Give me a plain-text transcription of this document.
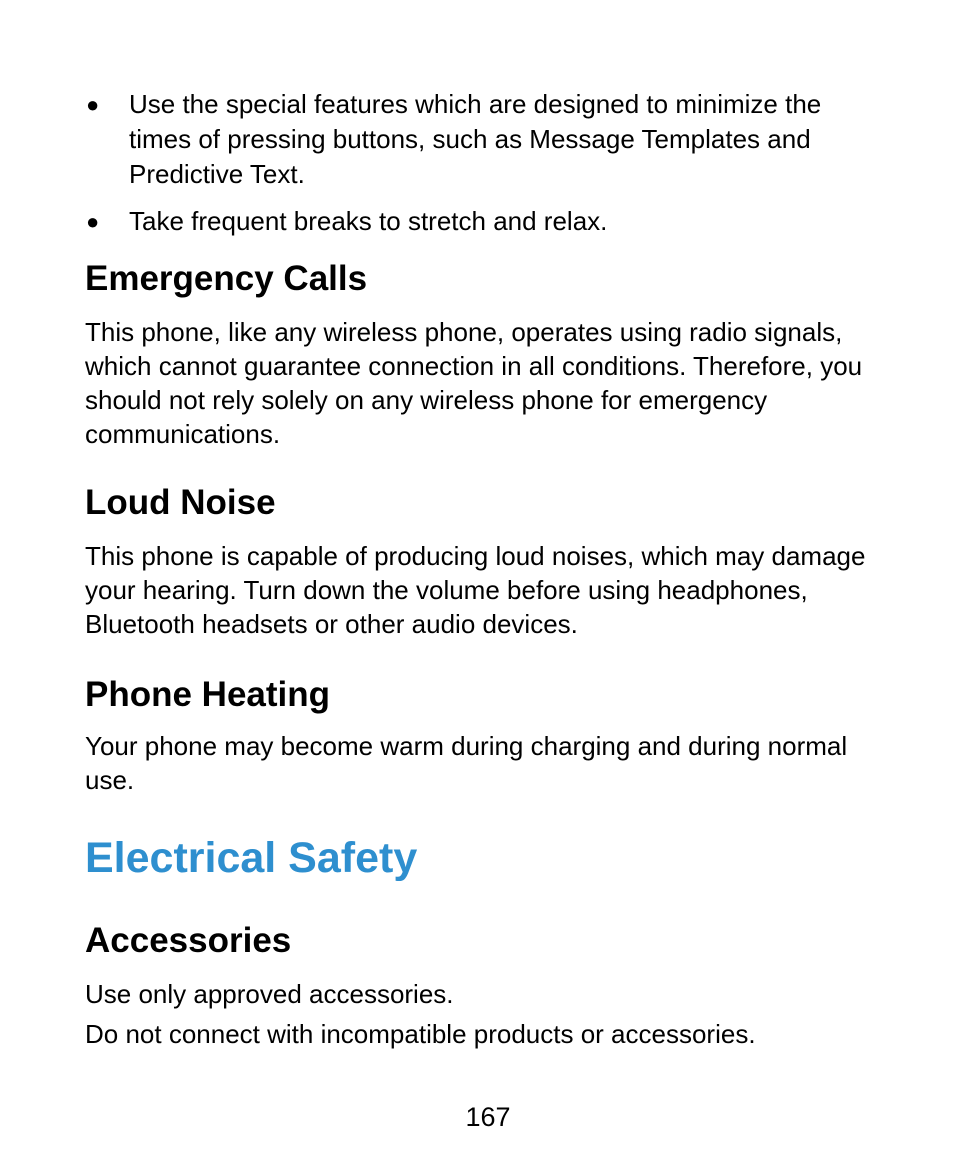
● Use the special features which are designed to minimize the times of pressing buttons, such as Message Templates and Predictive Text.
● Take frequent breaks to stretch and relax.
Emergency Calls

This phone, like any wireless phone, operates using radio signals, which cannot guarantee connection in all conditions. Therefore, you should not rely solely on any wireless phone for emergency communications.

Loud Noise

This phone is capable of producing loud noises, which may damage your hearing. Turn down the volume before using headphones, Bluetooth headsets or other audio devices.

Phone Heating

Your phone may become warm during charging and during normal use.

Electrical Safety
Accessories

Use only approved accessories.

Do not connect with incompatible products or accessories.

167
